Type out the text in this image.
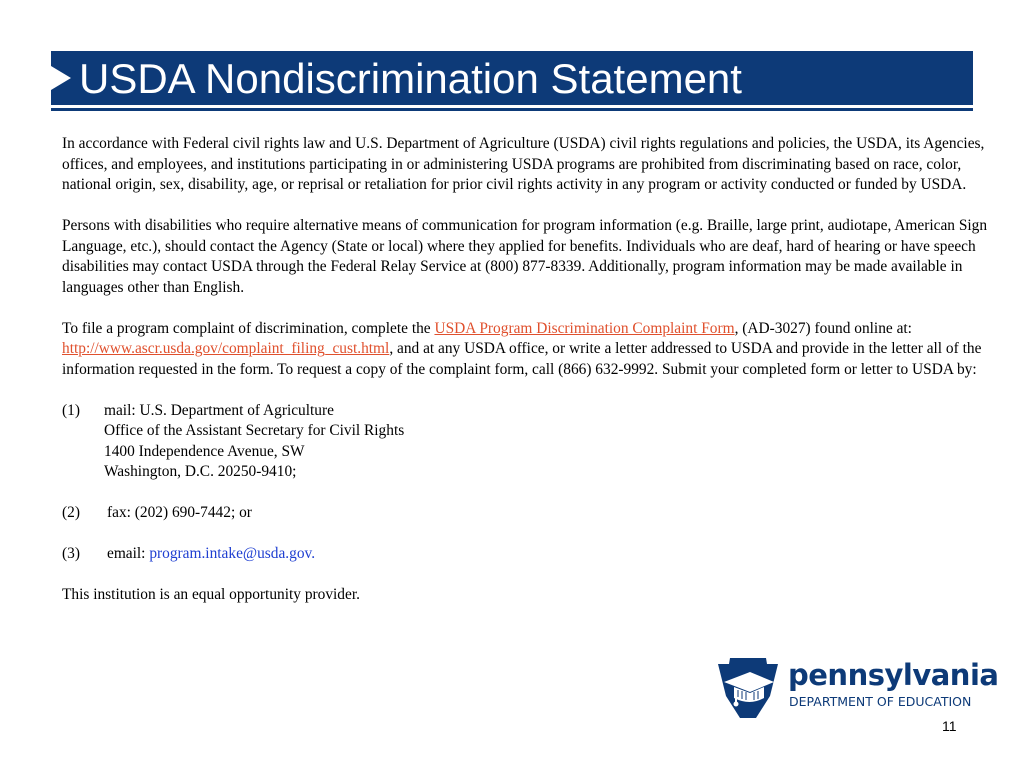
USDA Nondiscrimination Statement

In accordance with Federal civil rights law and U.S. Department of Agriculture (USDA) civil rights regulations and policies, the USDA, its Agencies, offices, and employees, and institutions participating in or administering USDA programs are prohibited from discriminating based on race, color, national origin, sex, disability, age, or reprisal or retaliation for prior civil rights activity in any program or activity conducted or funded by USDA.

Persons with disabilities who require alternative means of communication for program information (e.g. Braille, large print, audiotape, American Sign Language, etc.), should contact the Agency (State or local) where they applied for benefits. Individuals who are deaf, hard of hearing or have speech disabilities may contact USDA through the Federal Relay Service at (800) 877-8339. Additionally, program information may be made available in languages other than English.

To file a program complaint of discrimination, complete the USDA Program Discrimination Complaint Form, (AD-3027) found online at: http://www.ascr.usda.gov/complaint_filing_cust.html, and at any USDA office, or write a letter addressed to USDA and provide in the letter all of the information requested in the form. To request a copy of the complaint form, call (866) 632-9992. Submit your completed form or letter to USDA by:

(1)	mail: U.S. Department of Agriculture
Office of the Assistant Secretary for Civil Rights
1400 Independence Avenue, SW
Washington, D.C. 20250-9410;
(2)	fax: (202) 690-7442; or
(3)	email: program.intake@usda.gov.

This institution is an equal opportunity provider.

pennsylvania
DEPARTMENT OF EDUCATION
11
